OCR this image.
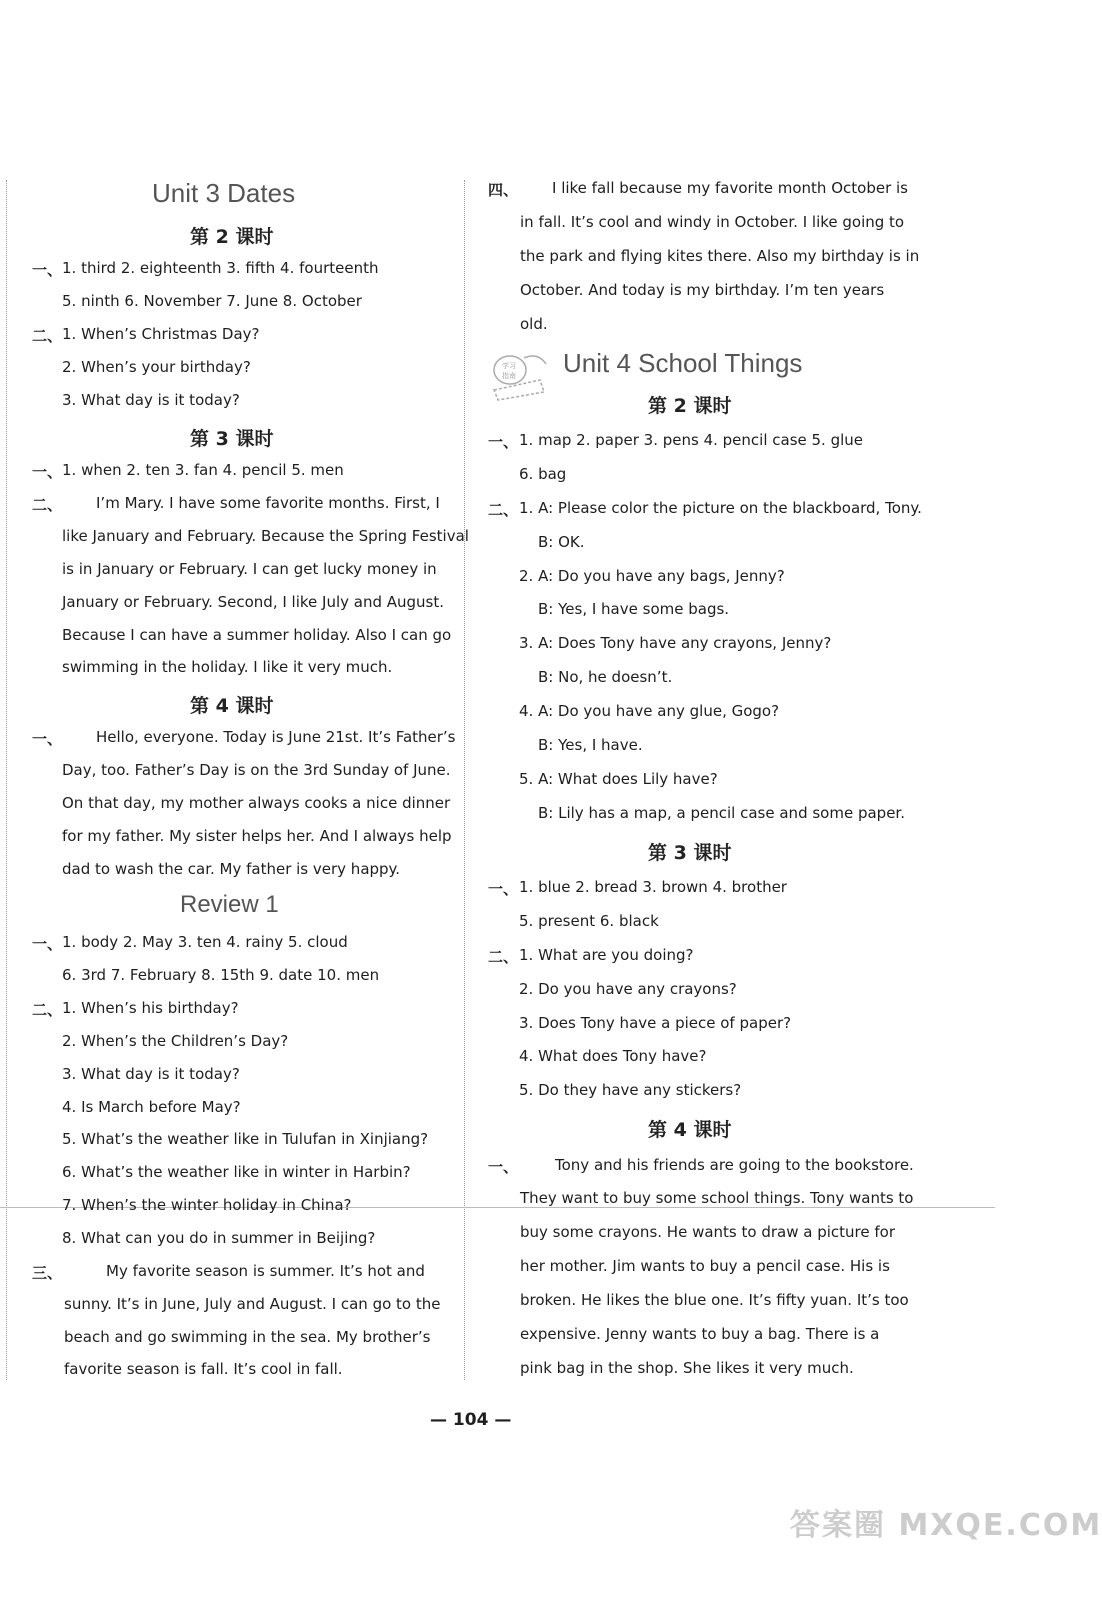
Unit 3 Dates
第 2 课时
一、 1. third 2. eighteenth 3. fifth 4. fourteenth
5. ninth 6. November 7. June 8. October
二、 1. When’s Christmas Day?
2. When’s your birthday?
3. What day is it today?
第 3 课时
一、 1. when 2. ten 3. fan 4. pencil 5. men
二、 I’m Mary. I have some favorite months. First, I
like January and February. Because the Spring Festival
is in January or February. I can get lucky money in
January or February. Second, I like July and August.
Because I can have a summer holiday. Also I can go
swimming in the holiday. I like it very much.
第 4 课时
一、 Hello, everyone. Today is June 21st. It’s Father’s
Day, too. Father’s Day is on the 3rd Sunday of June.
On that day, my mother always cooks a nice dinner
for my father. My sister helps her. And I always help
dad to wash the car. My father is very happy.
Review 1
一、 1. body 2. May 3. ten 4. rainy 5. cloud
6. 3rd 7. February 8. 15th 9. date 10. men
二、 1. When’s his birthday?
2. When’s the Children’s Day?
3. What day is it today?
4. Is March before May?
5. What’s the weather like in Tulufan in Xinjiang?
6. What’s the weather like in winter in Harbin?
7. When’s the winter holiday in China?
8. What can you do in summer in Beijing?
三、	My favorite season is summer. It’s hot and
sunny. It’s in June, July and August. I can go to the
beach and go swimming in the sea. My brother’s
favorite season is fall. It’s cool in fall.
四、 I like fall because my favorite month October is
in fall. It’s cool and windy in October. I like going to
the park and flying kites there. Also my birthday is in
October. And today is my birthday. I’m ten years
old.
学习
指南 Unit 4 School Things
第 2 课时
一、 1. map 2. paper 3. pens 4. pencil case 5. glue
6. bag
二、 1. A: Please color the picture on the blackboard, Tony.
B: OK.
2. A: Do you have any bags, Jenny?
B: Yes, I have some bags.
3. A: Does Tony have any crayons, Jenny?
B: No, he doesn’t.
4. A: Do you have any glue, Gogo?
B: Yes, I have.
5. A: What does Lily have?
B: Lily has a map, a pencil case and some paper.
第 3 课时
一、 1. blue 2. bread 3. brown 4. brother
5. present 6. black
二、 1. What are you doing?
2. Do you have any crayons?
3. Does Tony have a piece of paper?
4. What does Tony have?
5. Do they have any stickers?
第 4 课时
一、 Tony and his friends are going to the bookstore.
They want to buy some school things. Tony wants to
buy some crayons. He wants to draw a picture for
her mother. Jim wants to buy a pencil case. His is
broken. He likes the blue one. It’s fifty yuan. It’s too
expensive. Jenny wants to buy a bag. There is a
pink bag in the shop. She likes it very much.
— 104 —
答案圈 MXQE.COM
